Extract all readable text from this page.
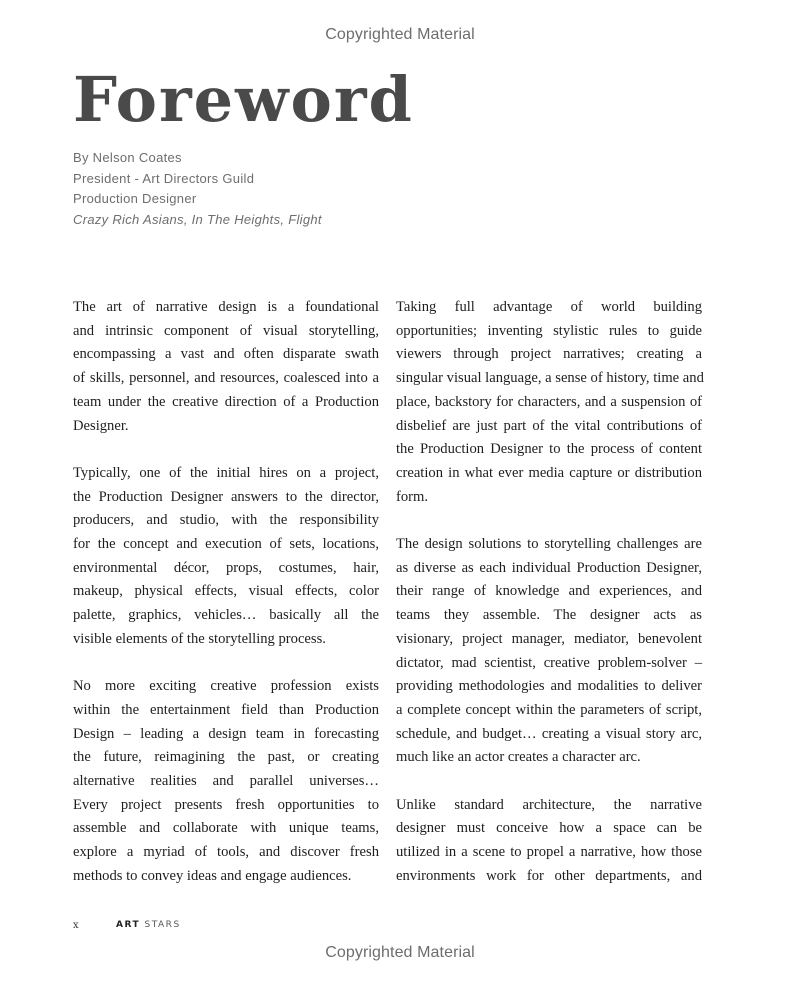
Copyrighted Material
Foreword
By Nelson Coates
President - Art Directors Guild
Production Designer
Crazy Rich Asians, In The Heights, Flight

The art of narrative design is a foundational
and intrinsic component of visual storytelling,
encompassing a vast and often disparate swath
of skills, personnel, and resources, coalesced into a
team under the creative direction of a Production
Designer.

Typically, one of the initial hires on a project,
the Production Designer answers to the director,
producers, and studio, with the responsibility
for the concept and execution of sets, locations,
environmental décor, props, costumes, hair,
makeup, physical effects, visual effects, color
palette, graphics, vehicles… basically all the
visible elements of the storytelling process.

No more exciting creative profession exists
within the entertainment field than Production
Design – leading a design team in forecasting
the future, reimagining the past, or creating
alternative realities and parallel universes…
Every project presents fresh opportunities to
assemble and collaborate with unique teams,
explore a myriad of tools, and discover fresh
methods to convey ideas and engage audiences.

Taking full advantage of world building
opportunities; inventing stylistic rules to guide
viewers through project narratives; creating a
singular visual language, a sense of history, time and
place, backstory for characters, and a suspension of
disbelief are just part of the vital contributions of
the Production Designer to the process of content
creation in what ever media capture or distribution
form.

The design solutions to storytelling challenges are
as diverse as each individual Production Designer,
their range of knowledge and experiences, and
teams they assemble. The designer acts as
visionary, project manager, mediator, benevolent
dictator, mad scientist, creative problem-solver –
providing methodologies and modalities to deliver
a complete concept within the parameters of script,
schedule, and budget… creating a visual story arc,
much like an actor creates a character arc.

Unlike standard architecture, the narrative
designer must conceive how a space can be
utilized in a scene to propel a narrative, how those
environments work for other departments, and

x	ART STARS
Copyrighted Material
